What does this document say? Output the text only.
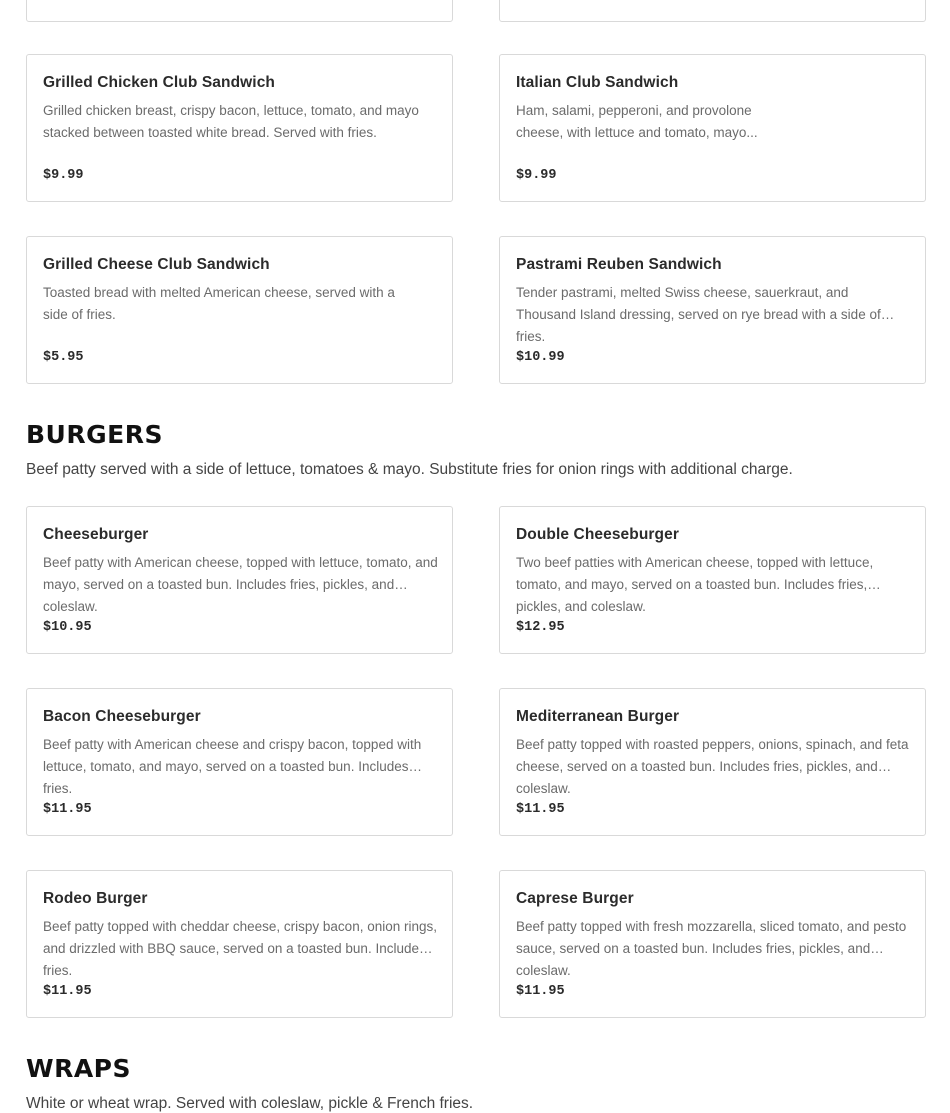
Grilled Chicken Club Sandwich
Grilled chicken breast, crispy bacon, lettuce, tomato, and mayo stacked between toasted white bread. Served with fries.
$9.99
Italian Club Sandwich
Ham, salami, pepperoni, and provolone cheese, with lettuce and tomato, mayo...
$9.99
Grilled Cheese Club Sandwich
Toasted bread with melted American cheese, served with a side of fries.
$5.95
Pastrami Reuben Sandwich
Tender pastrami, melted Swiss cheese, sauerkraut, and Thousand Island dressing, served on rye bread with a side of fries.
$10.99
BURGERS
Beef patty served with a side of lettuce, tomatoes & mayo. Substitute fries for onion rings with additional charge.
Cheeseburger
Beef patty with American cheese, topped with lettuce, tomato, and mayo, served on a toasted bun. Includes fries, pickles, and coleslaw.
$10.95
Double Cheeseburger
Two beef patties with American cheese, topped with lettuce, tomato, and mayo, served on a toasted bun. Includes fries, pickles, and coleslaw.
$12.95
Bacon Cheeseburger
Beef patty with American cheese and crispy bacon, topped with lettuce, tomato, and mayo, served on a toasted bun. Includes fries.
$11.95
Mediterranean Burger
Beef patty topped with roasted peppers, onions, spinach, and feta cheese, served on a toasted bun. Includes fries, pickles, and coleslaw.
$11.95
Rodeo Burger
Beef patty topped with cheddar cheese, crispy bacon, onion rings, and drizzled with BBQ sauce, served on a toasted bun. Includes fries.
$11.95
Caprese Burger
Beef patty topped with fresh mozzarella, sliced tomato, and pesto sauce, served on a toasted bun. Includes fries, pickles, and coleslaw.
$11.95
WRAPS
White or wheat wrap. Served with coleslaw, pickle & French fries.
